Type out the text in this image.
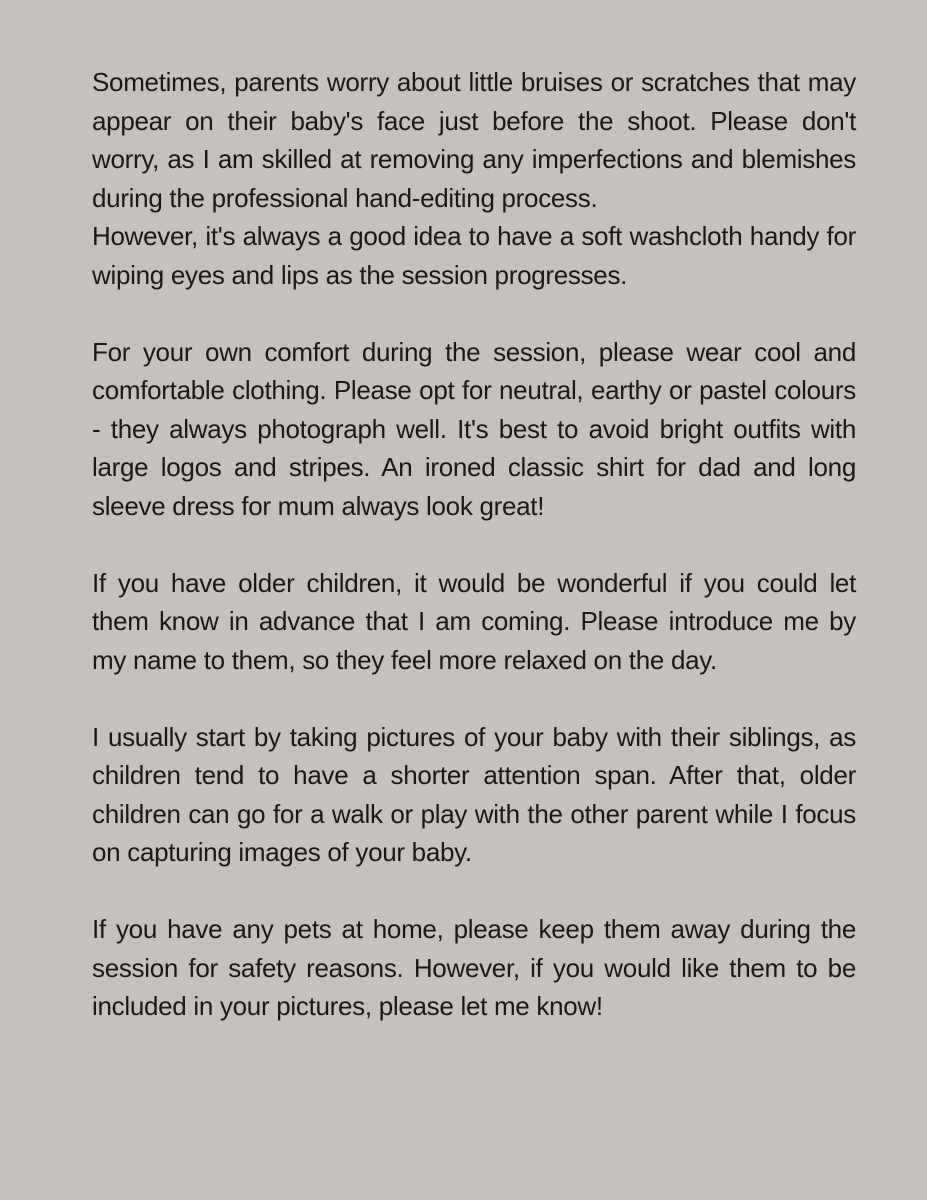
Sometimes, parents worry about little bruises or scratches that may appear on their baby's face just before the shoot. Please don't worry, as I am skilled at removing any imperfections and blemishes during the professional hand-editing process.

However, it's always a good idea to have a soft washcloth handy for wiping eyes and lips as the session progresses.

For your own comfort during the session, please wear cool and comfortable clothing. Please opt for neutral, earthy or pastel colours - they always photograph well. It's best to avoid bright outfits with large logos and stripes. An ironed classic shirt for dad and long sleeve dress for mum always look great!

If you have older children, it would be wonderful if you could let them know in advance that I am coming. Please introduce me by my name to them, so they feel more relaxed on the day.

I usually start by taking pictures of your baby with their siblings, as children tend to have a shorter attention span. After that, older children can go for a walk or play with the other parent while I focus on capturing images of your baby.

If you have any pets at home, please keep them away during the session for safety reasons. However, if you would like them to be included in your pictures, please let me know!
